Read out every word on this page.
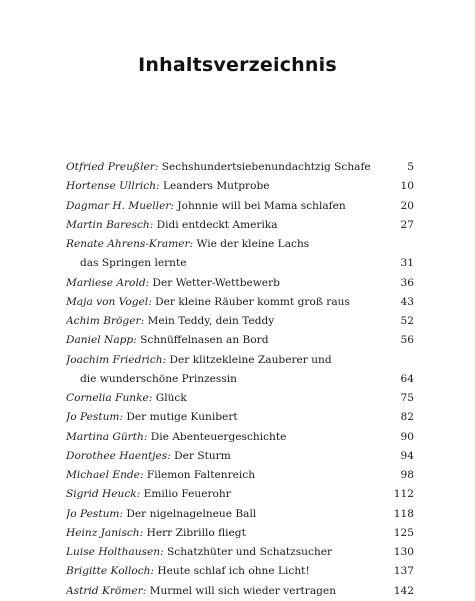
Inhaltsverzeichnis
Otfried Preußler: Sechshundertsiebenundachtzig Schafe	5
Hortense Ullrich: Leanders Mutprobe	10
Dagmar H. Mueller: Johnnie will bei Mama schlafen	20
Martin Baresch: Didi entdeckt Amerika	27
Renate Ahrens-Kramer: Wie der kleine Lachs
das Springen lernte	31
Marliese Arold: Der Wetter-Wettbewerb	36
Maja von Vogel: Der kleine Räuber kommt groß raus	43
Achim Bröger: Mein Teddy, dein Teddy	52
Daniel Napp: Schnüffelnasen an Bord	56
Joachim Friedrich: Der klitzekleine Zauberer und
die wunderschöne Prinzessin	64
Cornelia Funke: Glück	75
Jo Pestum: Der mutige Kunibert	82
Martina Gürth: Die Abenteuergeschichte	90
Dorothee Haentjes: Der Sturm	94
Michael Ende: Filemon Faltenreich	98
Sigrid Heuck: Emilio Feuerohr	112
Jo Pestum: Der nigelnagelneue Ball	118
Heinz Janisch: Herr Zibrillo fliegt	125
Luise Holthausen: Schatzhüter und Schatzsucher	130
Brigitte Kolloch: Heute schlaf ich ohne Licht!	137
Astrid Krömer: Murmel will sich wieder vertragen	142
